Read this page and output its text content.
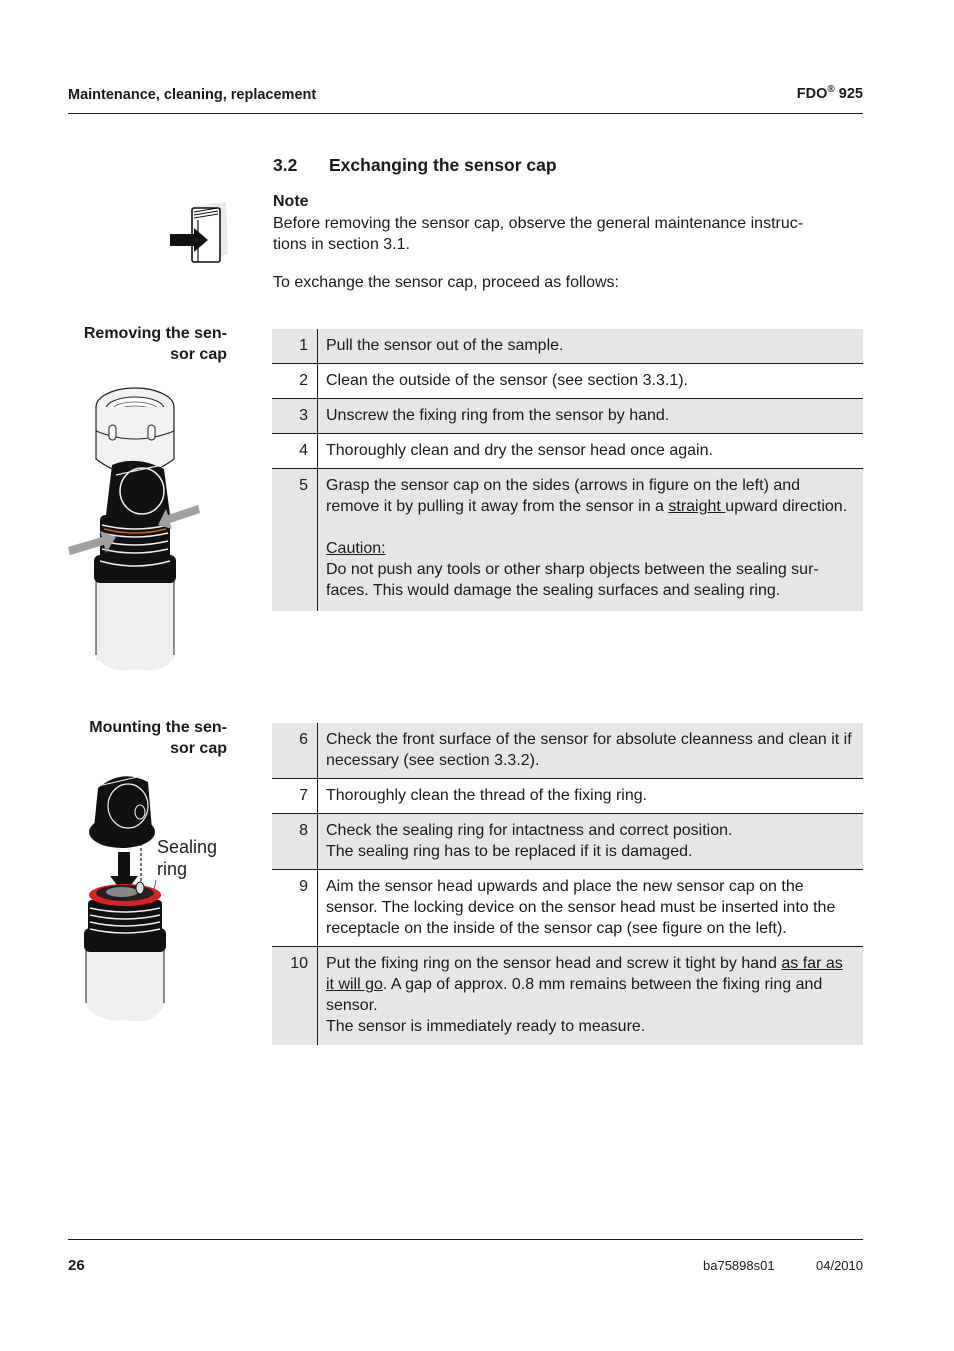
Maintenance, cleaning, replacement	FDO® 925
3.2 Exchanging the sensor cap
Note
Before removing the sensor cap, observe the general maintenance instruc-
tions in section 3.1.
To exchange the sensor cap, proceed as follows:
Removing the sen-
sor cap
1	Pull the sensor out of the sample.
2	Clean the outside of the sensor (see section 3.3.1).
3	Unscrew the fixing ring from the sensor by hand.
4	Thoroughly clean and dry the sensor head once again.
5	Grasp the sensor cap on the sides (arrows in figure on the left) and remove it by pulling it away from the sensor in a straight upward direction.
Caution:
Do not push any tools or other sharp objects between the sealing sur-faces. This would damage the sealing surfaces and sealing ring.
Mounting the sen-
sor cap
Sealing
ring
6	Check the front surface of the sensor for absolute cleanness and clean it if necessary (see section 3.3.2).
7	Thoroughly clean the thread of the fixing ring.
8	Check the sealing ring for intactness and correct position.
The sealing ring has to be replaced if it is damaged.

9	Aim the sensor head upwards and place the new sensor cap on the sensor. The locking device on the sensor head must be inserted into the receptacle on the inside of the sensor cap (see figure on the left).
10	Put the fixing ring on the sensor head and screw it tight by hand as far as it will go. A gap of approx. 0.8 mm remains between the fixing ring and sensor.
The sensor is immediately ready to measure.
26	ba75898s01	04/2010
